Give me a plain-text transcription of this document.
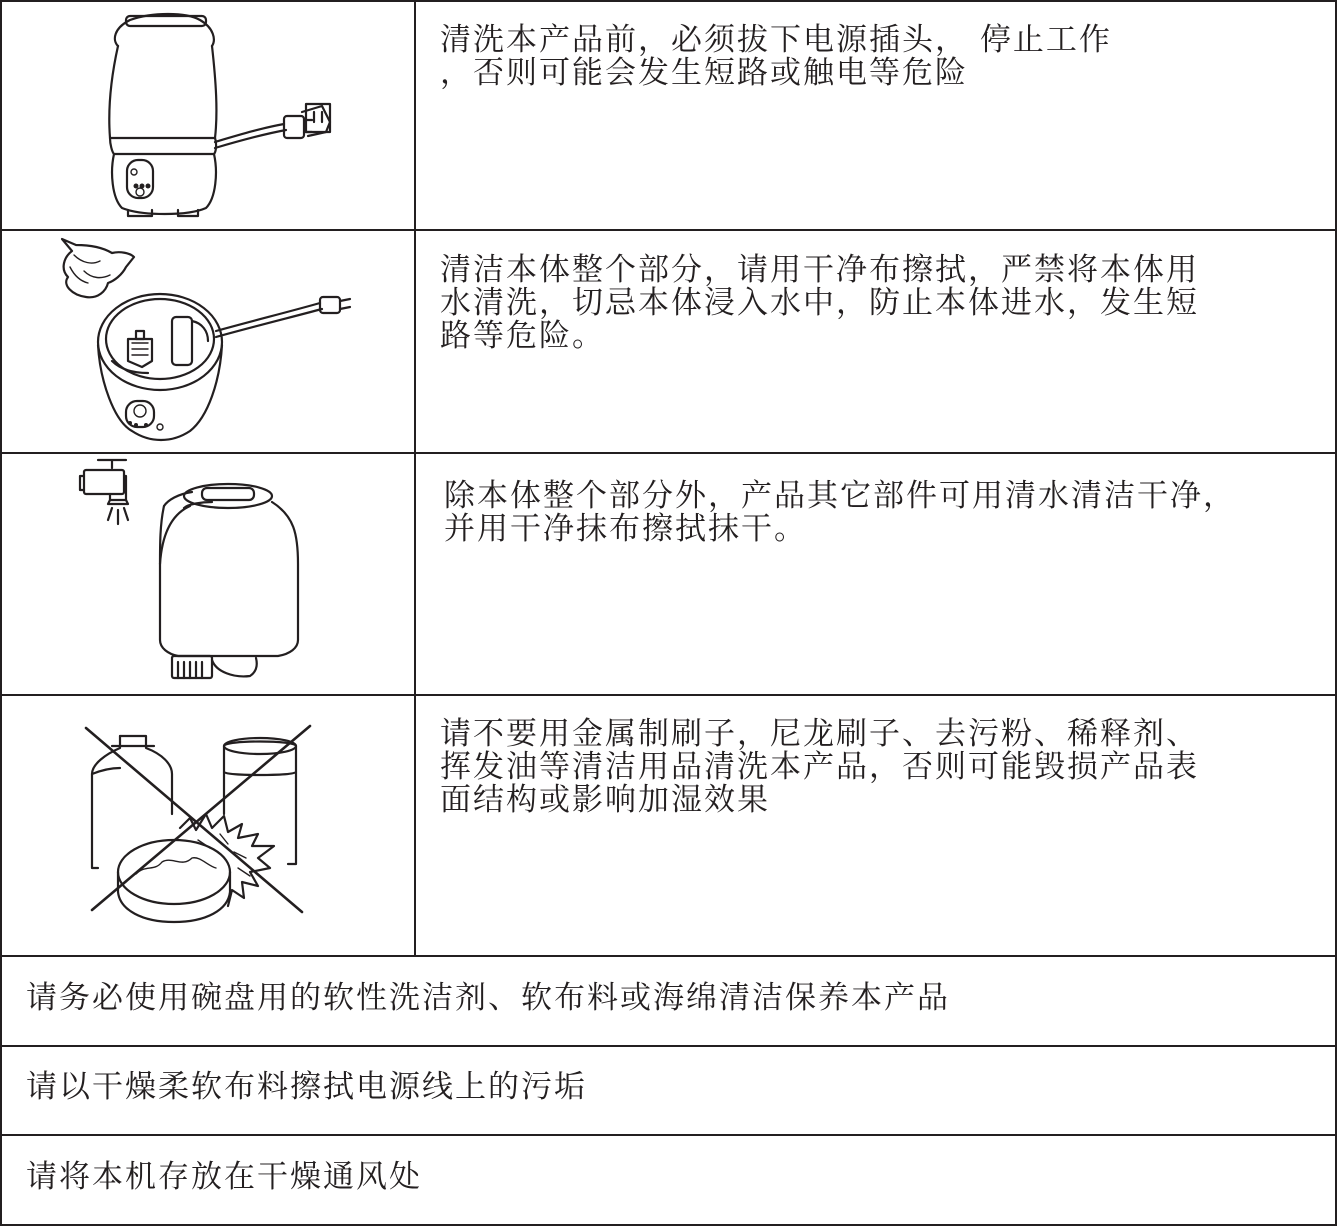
清洗本产品前，必须拔下电源插头， 停止工作
，否则可能会发生短路或触电等危险

清洁本体整个部分，请用干净布擦拭，严禁将本体用
水清洗，切忌本体浸入水中，防止本体进水，发生短
路等危险。

除本体整个部分外，产品其它部件可用清水清洁干净，
并用干净抹布擦拭抹干。

请不要用金属制刷子，尼龙刷子、去污粉、稀释剂、
挥发油等清洁用品清洗本产品，否则可能毁损产品表
面结构或影响加湿效果

请务必使用碗盘用的软性洗洁剂、软布料或海绵清洁保养本产品

请以干燥柔软布料擦拭电源线上的污垢

请将本机存放在干燥通风处
